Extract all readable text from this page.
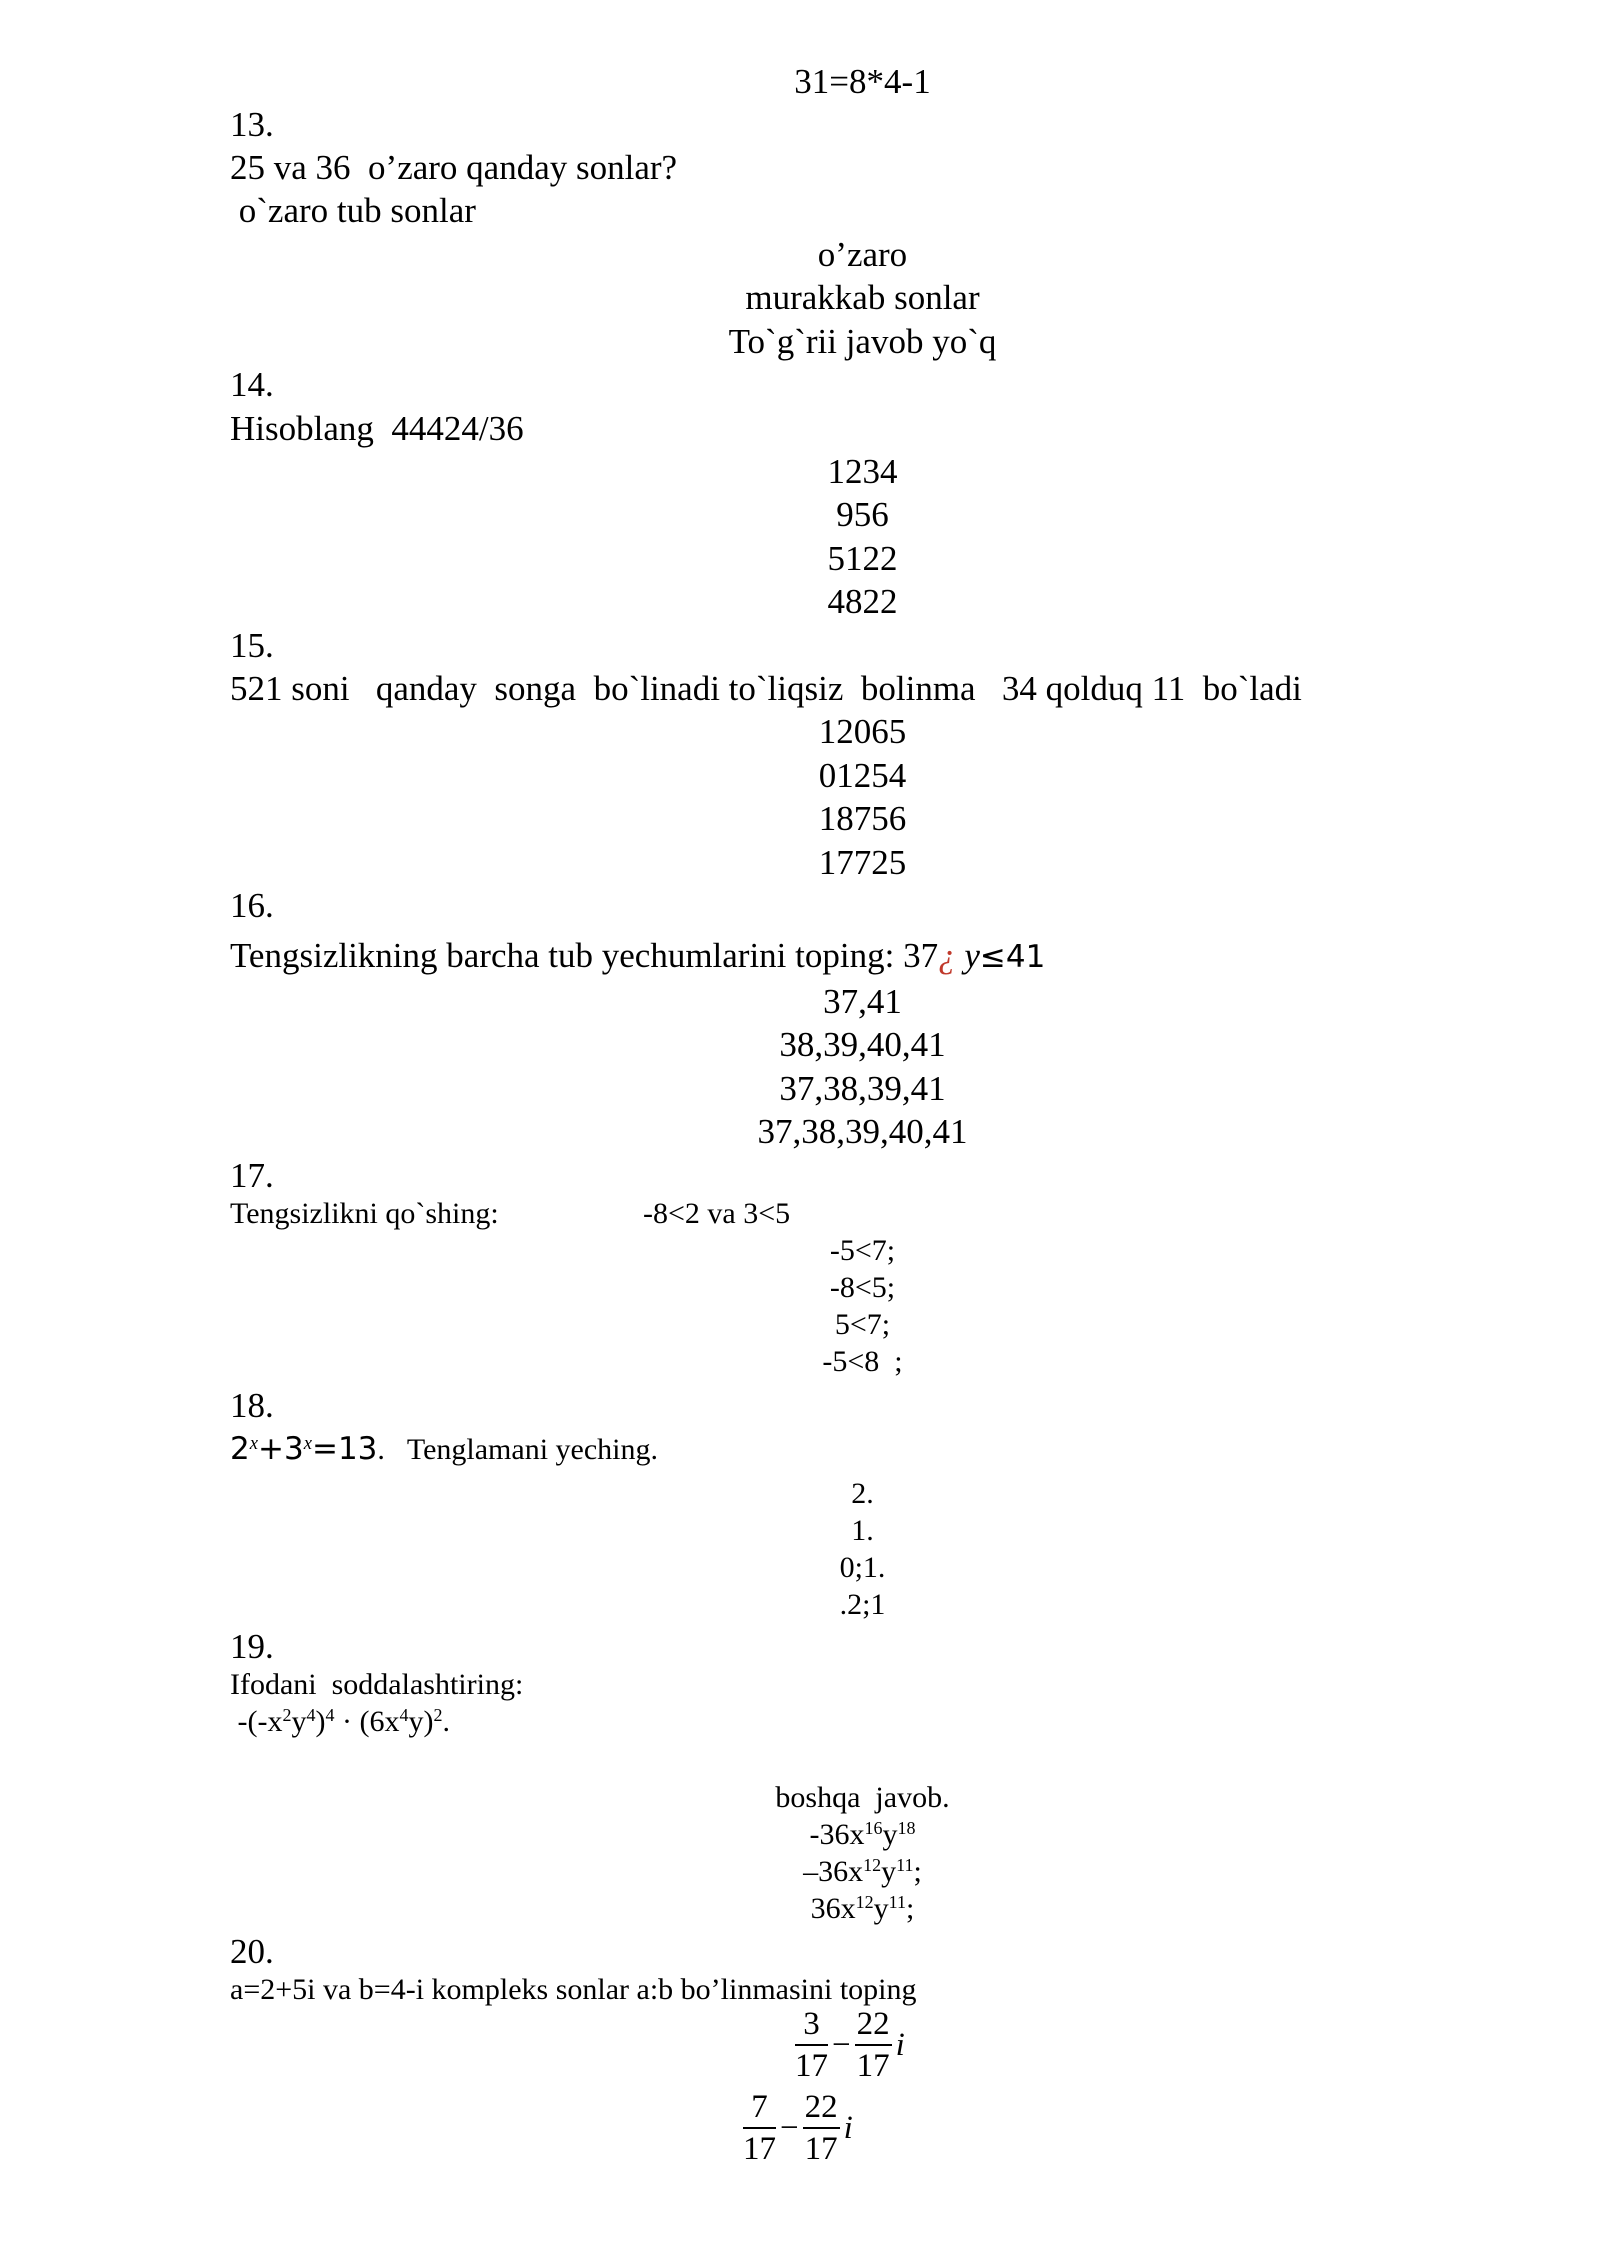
31=8*4-1
13.
25 va 36  o’zaro qanday sonlar?
o`zaro tub sonlar
o’zaro
murakkab sonlar
To`g`rii javob yo`q
14.
Hisoblang  44424/36
1234
956
5122
4822
15.
521 soni   qanday  songa  bo`linadi to`liqsiz  bolinma   34 qolduq 11  bo`ladi
12065
01254
18756
17725
16.
Tengsizlikning barcha tub yechumlarini toping: 37¿ y≤41
37,41
38,39,40,41
37,38,39,41
37,38,39,40,41
17.
Tengsizlikni qo`shing:	-8<2 va 3<5
-5<7;
-8<5;
5<7;
-5<8  ;
18.
$2^x+3^x=13$.   Tenglamani yeching.
2.
1.
0;1.
.2;1
19.
Ifodani  soddalashtiring:
$-(-x^2y^4)^4 \cdot (6x^4y)^2$.
boshqa  javob.
$-36x^{16}y^{18}$
$-36x^{12}y^{11}$;
$36x^{12}y^{11}$;
20.
a=2+5i va b=4-i kompleks sonlar a:b bo’linmasini toping
$\frac{3}{17} - \frac{22}{17}$ i
$\frac{7}{17} - \frac{22}{17}$ i
